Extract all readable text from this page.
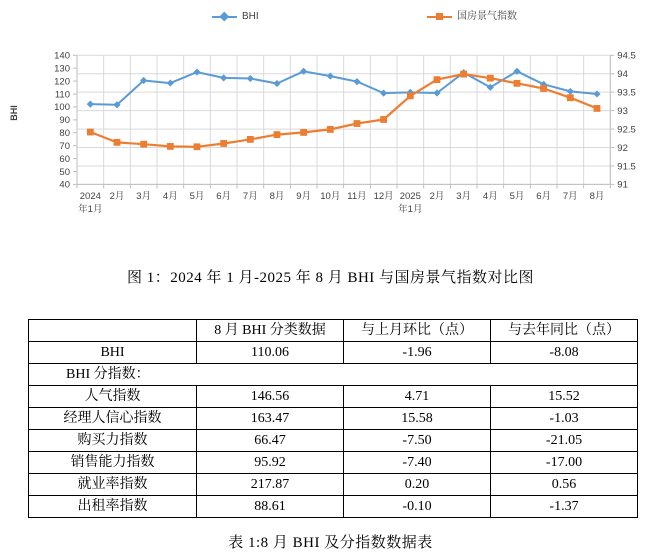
BHI	国房景气指数
140
130
120
110
100
90
80
70
60
50
40
94.5
94
93.5
93
92.5
92
91.5
91
2024
年1月
2月 3月 4月 5月 6月 7月 8月 9月 10月 11月 12月 2025
年1月
2月 3月 4月 5月 6月 7月 8月
BHI
图 1：2024 年 1 月-2025 年 8 月 BHI 与国房景气指数对比图
	8 月 BHI 分类数据	与上月环比（点）	与去年同比（点）
BHI	110.06	-1.96	-8.08
BHI 分指数：			
人气指数	146.56	4.71	15.52
经理人信心指数	163.47	15.58	-1.03
购买力指数	66.47	-7.50	-21.05
销售能力指数	95.92	-7.40	-17.00
就业率指数	217.87	0.20	0.56
出租率指数	88.61	-0.10	-1.37
表 1:8 月 BHI 及分指数数据表
